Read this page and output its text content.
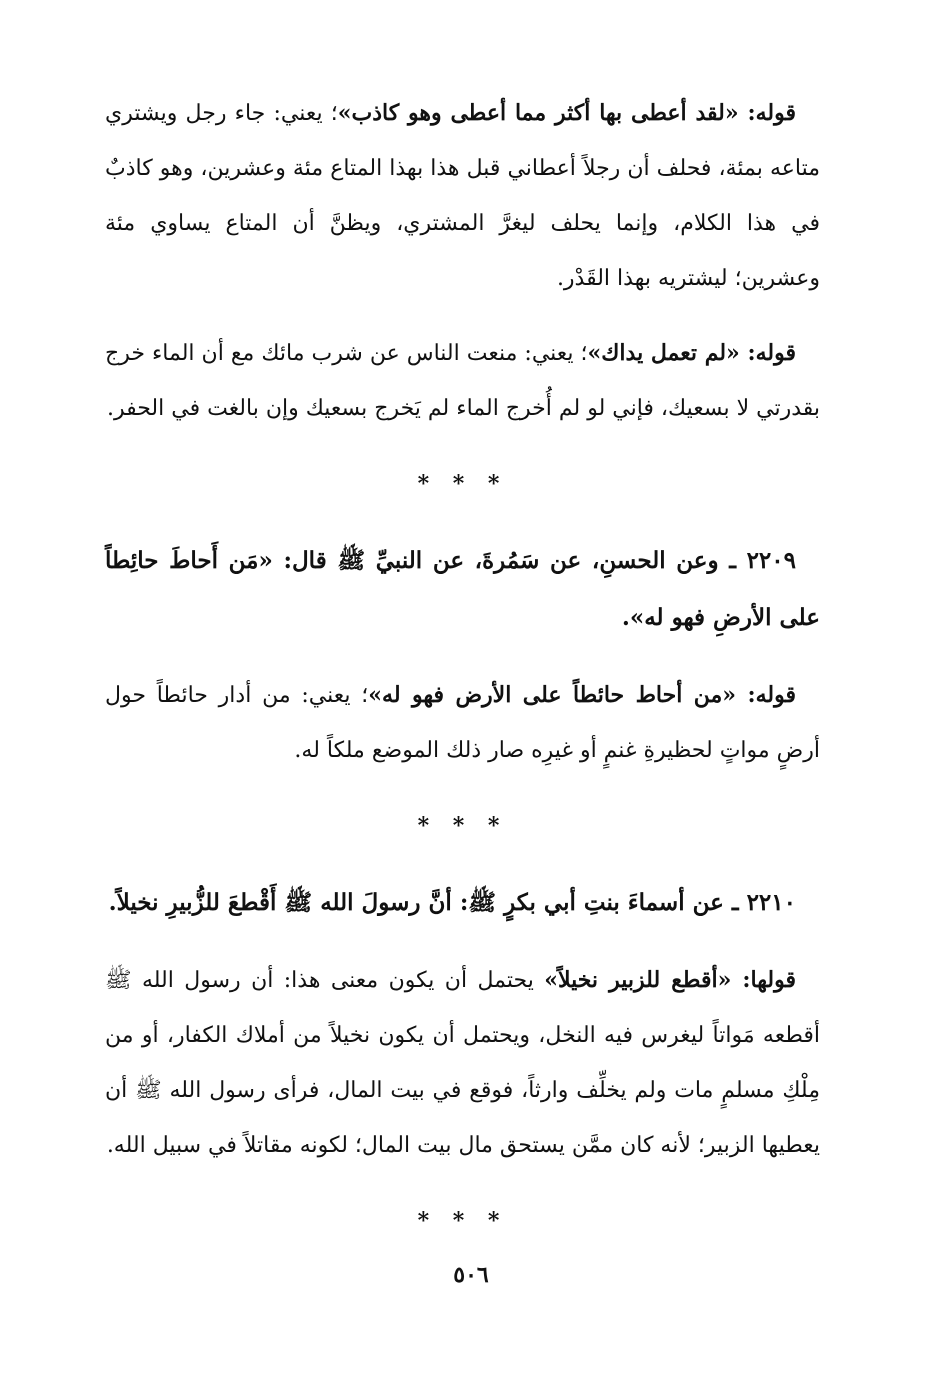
قوله: «لقد أعطى بها أكثر مما أعطى وهو كاذب»؛ يعني: جاء رجل ويشتري متاعه بمئة، فحلف أن رجلاً أعطاني قبل هذا بهذا المتاع مئة وعشرين، وهو كاذبٌ في هذا الكلام، وإنما يحلف ليغرَّ المشتري، ويظنَّ أن المتاع يساوي مئة وعشرين؛ ليشتريه بهذا القَدْر.

قوله: «لم تعمل يداك»؛ يعني: منعت الناس عن شرب مائك مع أن الماء خرج بقدرتي لا بسعيك، فإني لو لم أُخرج الماء لم يَخرج بسعيك وإن بالغت في الحفر.

* * *

٢٢٠٩ ـ وعن الحسنِ، عن سَمُرةَ، عن النبيِّ ﷺ قال: «مَن أَحاطَ حائِطاً على الأرضِ فهو له».

قوله: «من أحاط حائطاً على الأرض فهو له»؛ يعني: من أدار حائطاً حول أرضٍ مواتٍ لحظيرةِ غنمٍ أو غيرِه صار ذلك الموضع ملكاً له.

* * *

٢٢١٠ ـ عن أسماءَ بنتِ أبي بكرٍ ﷺ: أنَّ رسولَ الله ﷺ أَقْطعَ للزُّبيرِ نخيلاً.

قولها: «أقطع للزبير نخيلاً» يحتمل أن يكون معنى هذا: أن رسول الله ﷺ أقطعه مَواتاً ليغرس فيه النخل، ويحتمل أن يكون نخيلاً من أملاك الكفار، أو من مِلْكِ مسلمٍ مات ولم يخلِّف وارثاً، فوقع في بيت المال، فرأى رسول الله ﷺ أن يعطيها الزبير؛ لأنه كان ممَّن يستحق مال بيت المال؛ لكونه مقاتلاً في سبيل الله.

* * *

٥٠٦
